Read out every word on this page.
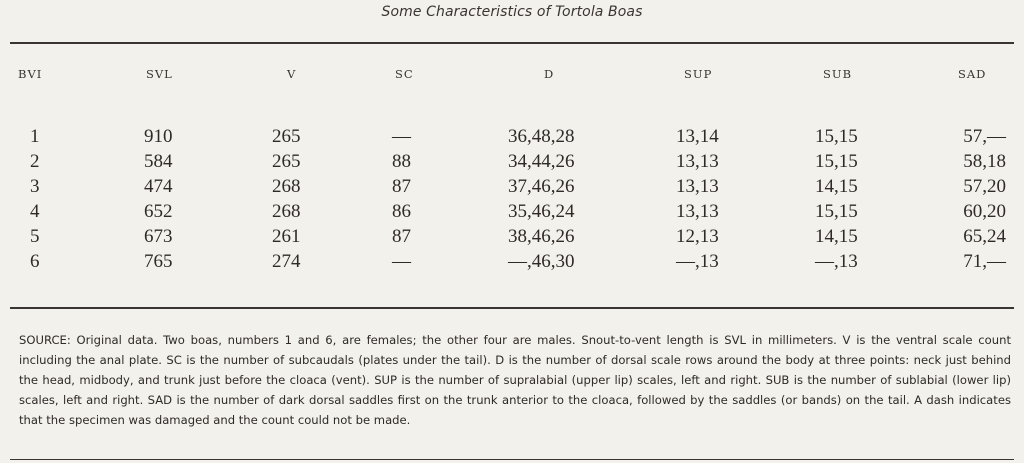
Some Characteristics of Tortola Boas
BVI	SVL	V	SC	D	SUP	SUB	SAD
1	910	265	—	36,48,28	13,14	15,15	57,—
2	584	265	88	34,44,26	13,13	15,15	58,18
3	474	268	87	37,46,26	13,13	14,15	57,20
4	652	268	86	35,46,24	13,13	15,15	60,20
5	673	261	87	38,46,26	12,13	14,15	65,24
6	765	274	—	—,46,30	—,13	—,13	71,—
SOURCE: Original data. Two boas, numbers 1 and 6, are females; the other four are males. Snout-to-vent length is SVL in millimeters. V is the ventral scale count including the anal plate. SC is the number of subcaudals (plates under the tail). D is the number of dorsal scale rows around the body at three points: neck just behind the head, midbody, and trunk just before the cloaca (vent). SUP is the number of supralabial (upper lip) scales, left and right. SUB is the number of sublabial (lower lip) scales, left and right. SAD is the number of dark dorsal saddles first on the trunk anterior to the cloaca, followed by the saddles (or bands) on the tail. A dash indicates that the specimen was damaged and the count could not be made.
